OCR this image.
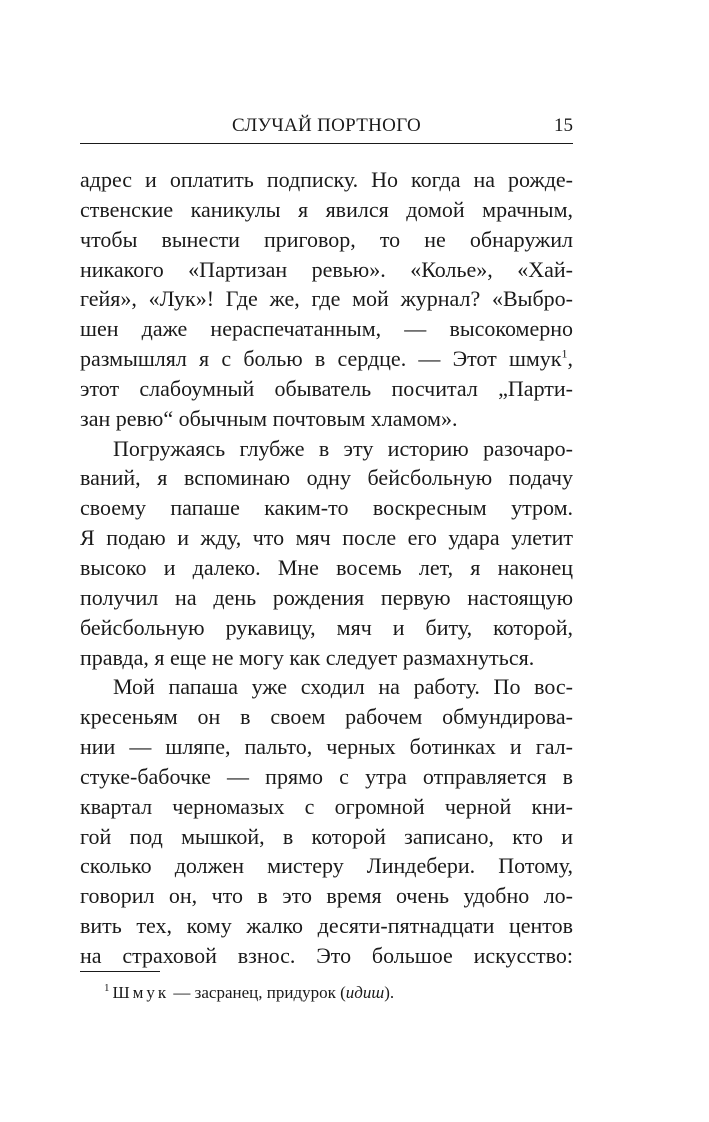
СЛУЧАЙ ПОРТНОГО	15
адрес и оплатить подписку. Но когда на рожде-
ственские каникулы я явился домой мрачным,
чтобы вынести приговор, то не обнаружил
никакого «Партизан ревью». «Колье», «Хай-
гейя», «Лук»! Где же, где мой журнал? «Выбро-
шен даже нераспечатанным, — высокомерно
размышлял я с болью в сердце. — Этот шмук$^1$,
этот слабоумный обыватель посчитал „Парти-
зан ревю“ обычным почтовым хламом».
Погружаясь глубже в эту историю разочаро-
ваний, я вспоминаю одну бейсбольную подачу
своему папаше каким-то воскресным утром.
Я подаю и жду, что мяч после его удара улетит
высоко и далеко. Мне восемь лет, я наконец
получил на день рождения первую настоящую
бейсбольную рукавицу, мяч и биту, которой,
правда, я еще не могу как следует размахнуться.
Мой папаша уже сходил на работу. По вос-
кресеньям он в своем рабочем обмундирова-
нии — шляпе, пальто, черных ботинках и гал-
стуке-бабочке — прямо с утра отправляется в
квартал черномазых с огромной черной кни-
гой под мышкой, в которой записано, кто и
сколько должен мистеру Линдебери. Потому,
говорил он, что в это время очень удобно ло-
вить тех, кому жалко десяти-пятнадцати центов
на страховой взнос. Это большое искусство:
$^1$ Шмук — засранец, придурок (идиш).
